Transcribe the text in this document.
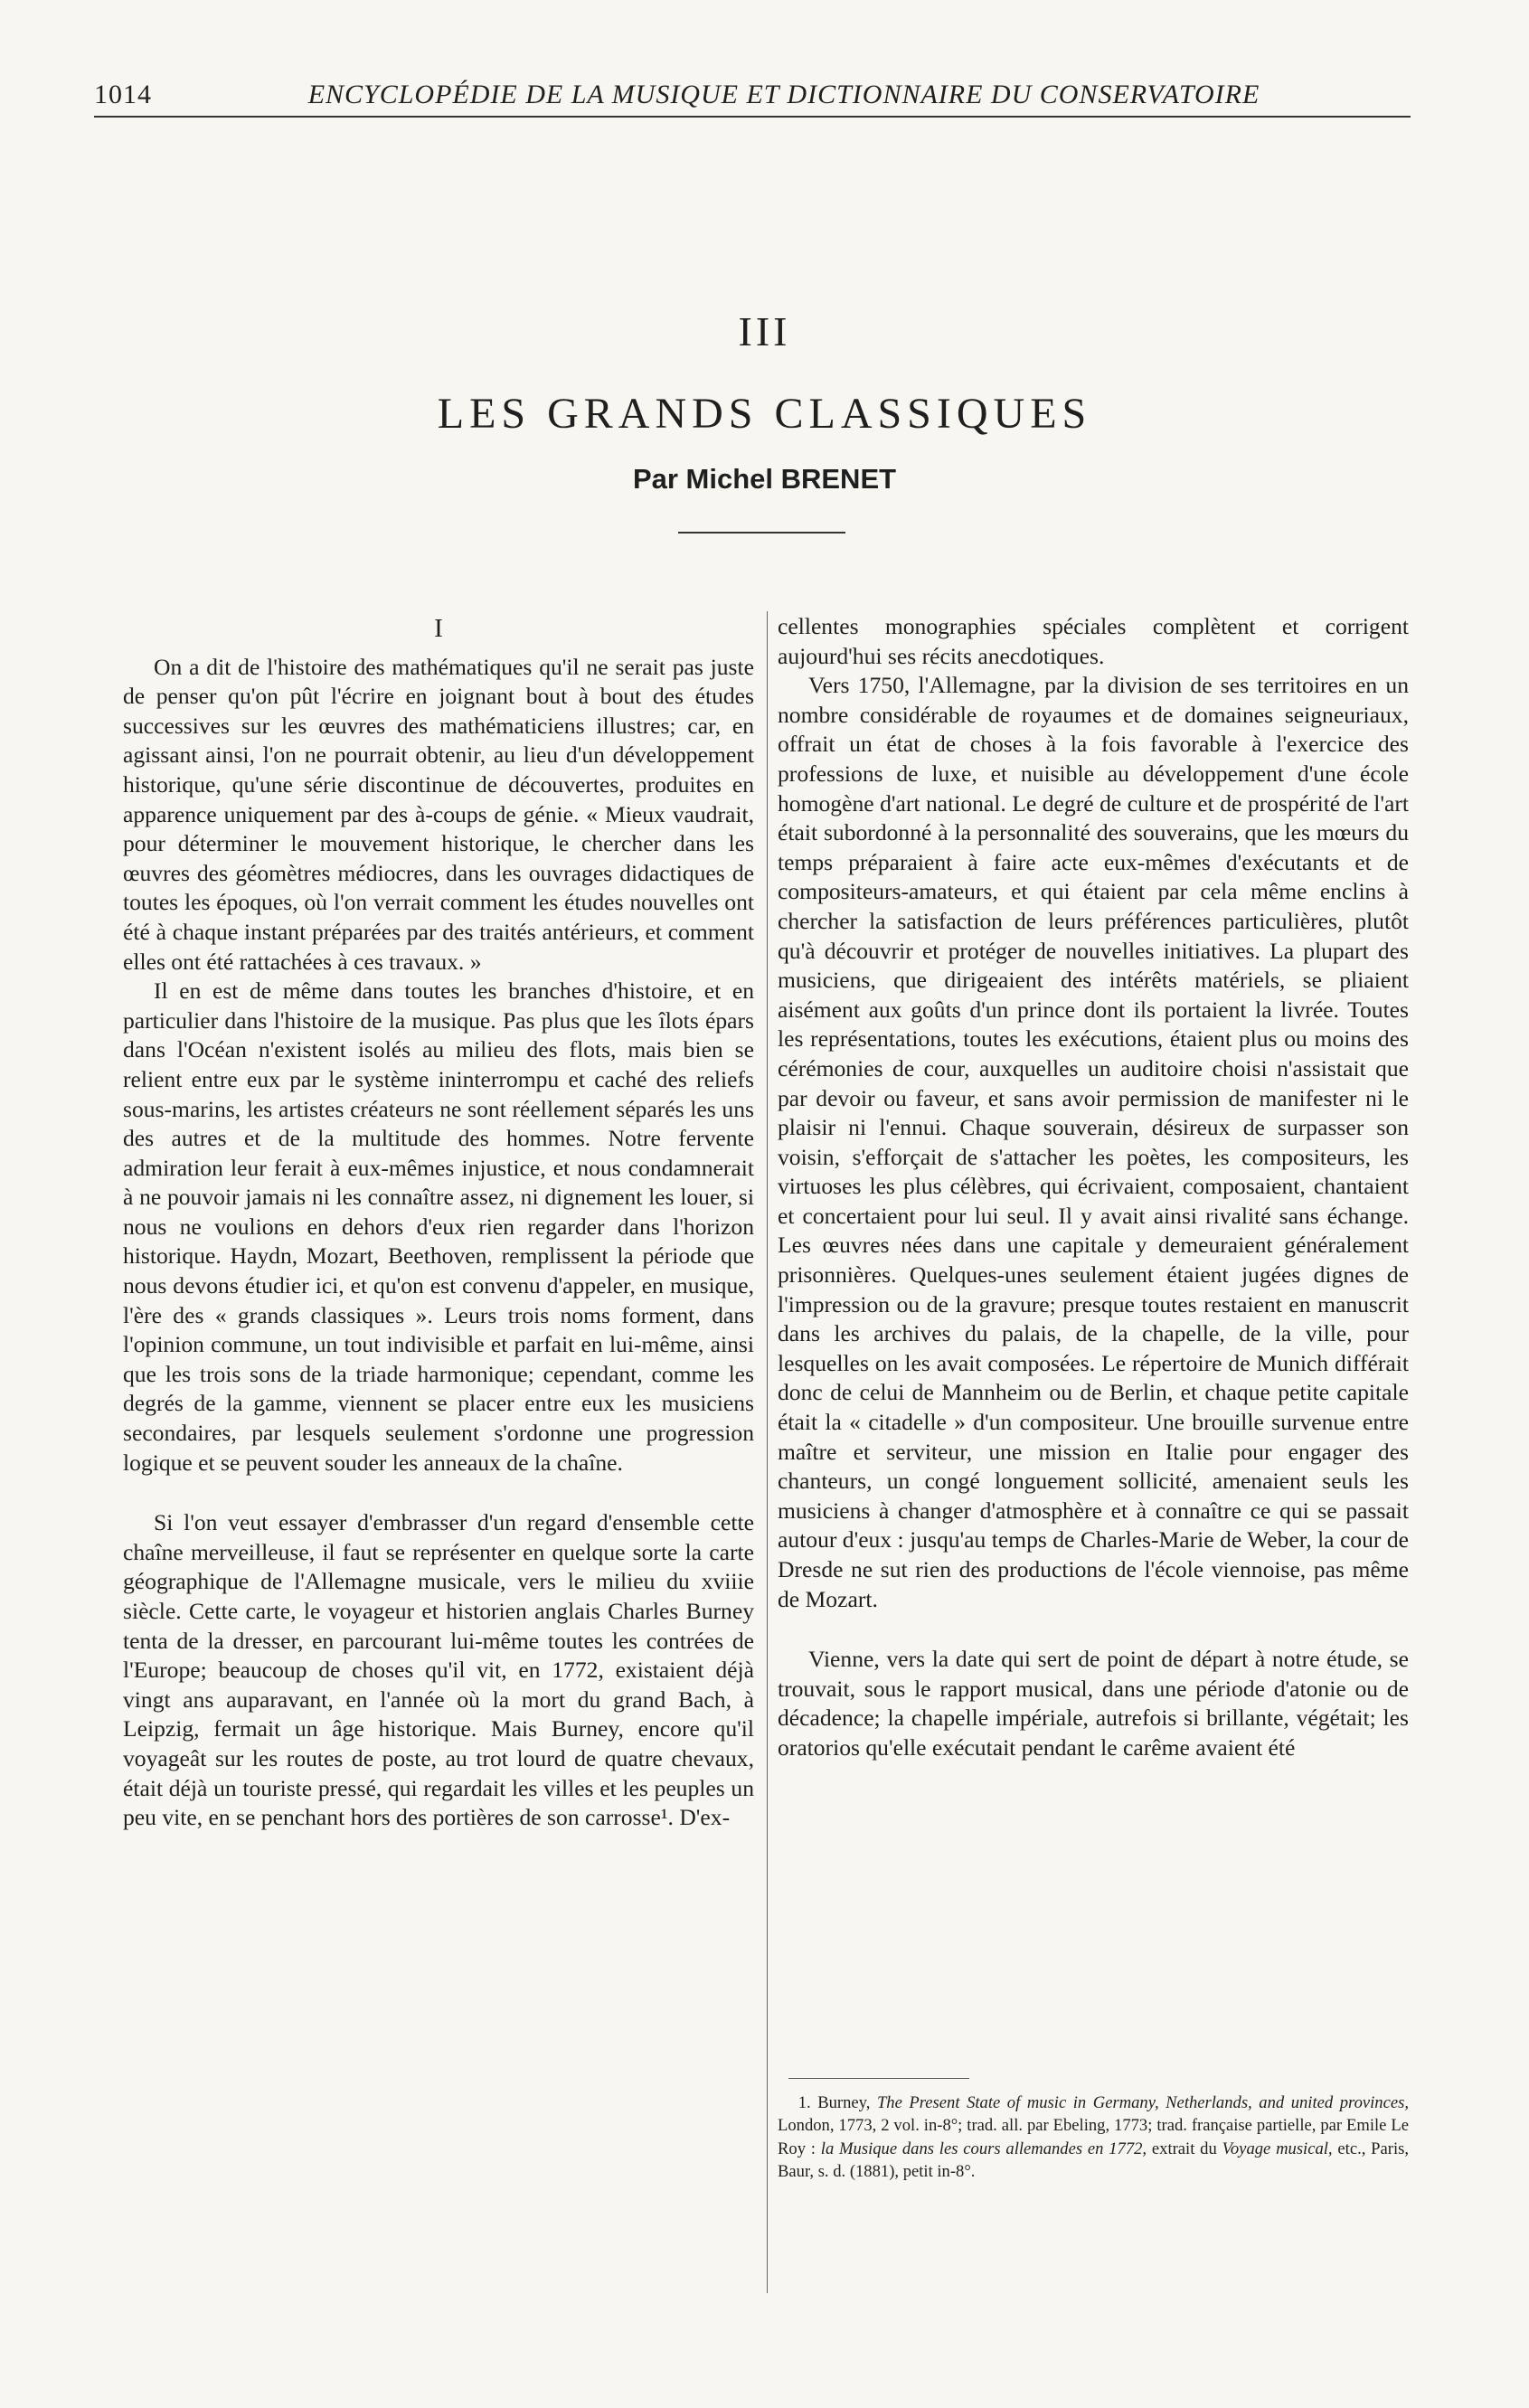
1014	ENCYCLOPÉDIE DE LA MUSIQUE ET DICTIONNAIRE DU CONSERVATOIRE
III
LES GRANDS CLASSIQUES
Par Michel BRENET
I

On a dit de l'histoire des mathématiques qu'il ne serait pas juste de penser qu'on pût l'écrire en joignant bout à bout des études successives sur les œuvres des mathématiciens illustres; car, en agissant ainsi, l'on ne pourrait obtenir, au lieu d'un développement historique, qu'une série discontinue de découvertes, produites en apparence uniquement par des à-coups de génie. « Mieux vaudrait, pour déterminer le mouvement historique, le chercher dans les œuvres des géomètres médiocres, dans les ouvrages didactiques de toutes les époques, où l'on verrait comment les études nouvelles ont été à chaque instant préparées par des traités antérieurs, et comment elles ont été rattachées à ces travaux. »

Il en est de même dans toutes les branches d'histoire, et en particulier dans l'histoire de la musique. Pas plus que les îlots épars dans l'Océan n'existent isolés au milieu des flots, mais bien se relient entre eux par le système ininterrompu et caché des reliefs sous-marins, les artistes créateurs ne sont réellement séparés les uns des autres et de la multitude des hommes. Notre fervente admiration leur ferait à eux-mêmes injustice, et nous condamnerait à ne pouvoir jamais ni les connaître assez, ni dignement les louer, si nous ne voulions en dehors d'eux rien regarder dans l'horizon historique. Haydn, Mozart, Beethoven, remplissent la période que nous devons étudier ici, et qu'on est convenu d'appeler, en musique, l'ère des « grands classiques ». Leurs trois noms forment, dans l'opinion commune, un tout indivisible et parfait en lui-même, ainsi que les trois sons de la triade harmonique; cependant, comme les degrés de la gamme, viennent se placer entre eux les musiciens secondaires, par lesquels seulement s'ordonne une progression logique et se peuvent souder les anneaux de la chaîne.

Si l'on veut essayer d'embrasser d'un regard d'ensemble cette chaîne merveilleuse, il faut se représenter en quelque sorte la carte géographique de l'Allemagne musicale, vers le milieu du xviiie siècle. Cette carte, le voyageur et historien anglais Charles Burney tenta de la dresser, en parcourant lui-même toutes les contrées de l'Europe; beaucoup de choses qu'il vit, en 1772, existaient déjà vingt ans auparavant, en l'année où la mort du grand Bach, à Leipzig, fermait un âge historique. Mais Burney, encore qu'il voyageât sur les routes de poste, au trot lourd de quatre chevaux, était déjà un touriste pressé, qui regardait les villes et les peuples un peu vite, en se penchant hors des portières de son carrosse¹. D'ex-

cellentes monographies spéciales complètent et corrigent aujourd'hui ses récits anecdotiques.

Vers 1750, l'Allemagne, par la division de ses territoires en un nombre considérable de royaumes et de domaines seigneuriaux, offrait un état de choses à la fois favorable à l'exercice des professions de luxe, et nuisible au développement d'une école homogène d'art national. Le degré de culture et de prospérité de l'art était subordonné à la personnalité des souverains, que les mœurs du temps préparaient à faire acte eux-mêmes d'exécutants et de compositeurs-amateurs, et qui étaient par cela même enclins à chercher la satisfaction de leurs préférences particulières, plutôt qu'à découvrir et protéger de nouvelles initiatives. La plupart des musiciens, que dirigeaient des intérêts matériels, se pliaient aisément aux goûts d'un prince dont ils portaient la livrée. Toutes les représentations, toutes les exécutions, étaient plus ou moins des cérémonies de cour, auxquelles un auditoire choisi n'assistait que par devoir ou faveur, et sans avoir permission de manifester ni le plaisir ni l'ennui. Chaque souverain, désireux de surpasser son voisin, s'efforçait de s'attacher les poètes, les compositeurs, les virtuoses les plus célèbres, qui écrivaient, composaient, chantaient et concertaient pour lui seul. Il y avait ainsi rivalité sans échange. Les œuvres nées dans une capitale y demeuraient généralement prisonnières. Quelques-unes seulement étaient jugées dignes de l'impression ou de la gravure; presque toutes restaient en manuscrit dans les archives du palais, de la chapelle, de la ville, pour lesquelles on les avait composées. Le répertoire de Munich différait donc de celui de Mannheim ou de Berlin, et chaque petite capitale était la « citadelle » d'un compositeur. Une brouille survenue entre maître et serviteur, une mission en Italie pour engager des chanteurs, un congé longuement sollicité, amenaient seuls les musiciens à changer d'atmosphère et à connaître ce qui se passait autour d'eux : jusqu'au temps de Charles-Marie de Weber, la cour de Dresde ne sut rien des productions de l'école viennoise, pas même de Mozart.

Vienne, vers la date qui sert de point de départ à notre étude, se trouvait, sous le rapport musical, dans une période d'atonie ou de décadence; la chapelle impériale, autrefois si brillante, végétait; les oratorios qu'elle exécutait pendant le carême avaient été

1. Burney, The Present State of music in Germany, Netherlands, and united provinces, London, 1773, 2 vol. in-8°; trad. all. par Ebeling, 1773; trad. française partielle, par Emile Le Roy : la Musique dans les cours allemandes en 1772, extrait du Voyage musical, etc., Paris, Baur, s. d. (1881), petit in-8°.
